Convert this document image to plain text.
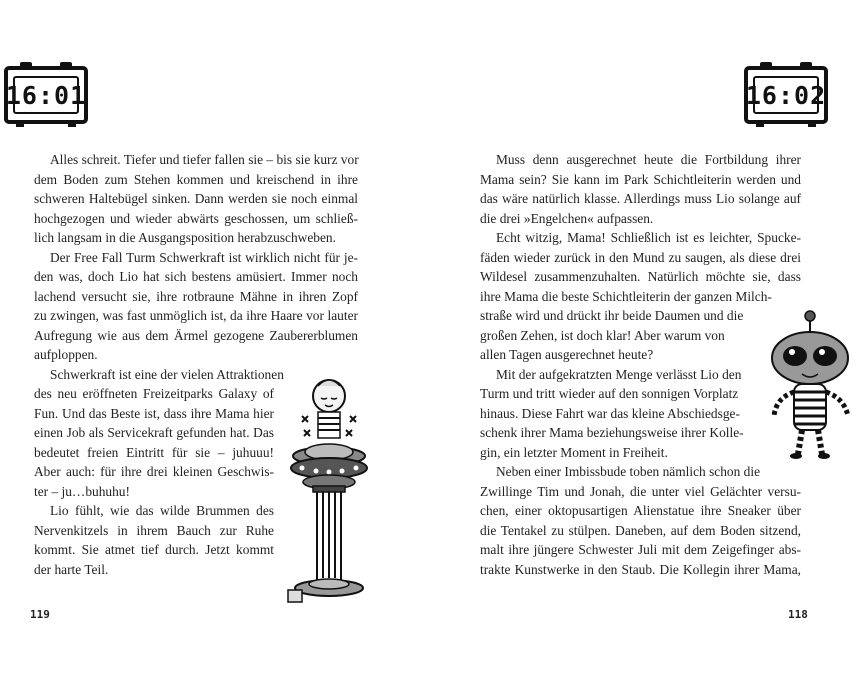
16:01

Alles schreit. Tiefer und tiefer fallen sie – bis sie kurz vor
dem Boden zum Stehen kommen und kreischend in ihre
schweren Haltebügel sinken. Dann werden sie noch einmal
hochgezogen und wieder abwärts geschossen, um schließ-
lich langsam in die Ausgangsposition herabzuschweben.

Der Free Fall Turm Schwerkraft ist wirklich nicht für je-
den was, doch Lio hat sich bestens amüsiert. Immer noch
lachend versucht sie, ihre rotbraune Mähne in ihren Zopf
zu zwingen, was fast unmöglich ist, da ihre Haare vor lauter
Aufregung wie aus dem Ärmel gezogene Zaubererblumen
aufploppen.

Schwerkraft ist eine der vielen Attraktionen
des neu eröffneten Freizeitparks Galaxy of
Fun. Und das Beste ist, dass ihre Mama hier
einen Job als Servicekraft gefunden hat. Das
bedeutet freien Eintritt für sie – juhuuu!
Aber auch: für ihre drei kleinen Geschwis-
ter – ju…buhuhu!

Lio fühlt, wie das wilde Brummen des
Nervenkitzels in ihrem Bauch zur Ruhe
kommt. Sie atmet tief durch. Jetzt kommt
der harte Teil.

119
16:02

Muss denn ausgerechnet heute die Fortbildung ihrer
Mama sein? Sie kann im Park Schichtleiterin werden und
das wäre natürlich klasse. Allerdings muss Lio solange auf
die drei »Engelchen« aufpassen.

Echt witzig, Mama! Schließlich ist es leichter, Spucke-
fäden wieder zurück in den Mund zu saugen, als diese drei
Wildesel zusammenzuhalten. Natürlich möchte sie, dass
ihre Mama die beste Schichtleiterin der ganzen Milch-
straße wird und drückt ihr beide Daumen und die
großen Zehen, ist doch klar! Aber warum von
allen Tagen ausgerechnet heute?

Mit der aufgekratzten Menge verlässt Lio den
Turm und tritt wieder auf den sonnigen Vorplatz
hinaus. Diese Fahrt war das kleine Abschiedsge-
schenk ihrer Mama beziehungsweise ihrer Kolle-
gin, ein letzter Moment in Freiheit.

Neben einer Imbissbude toben nämlich schon die
Zwillinge Tim und Jonah, die unter viel Gelächter versu-
chen, einer oktopusartigen Alienstatue ihre Sneaker über
die Tentakel zu stülpen. Daneben, auf dem Boden sitzend,
malt ihre jüngere Schwester Juli mit dem Zeigefinger abs-
trakte Kunstwerke in den Staub. Die Kollegin ihrer Mama,

118
